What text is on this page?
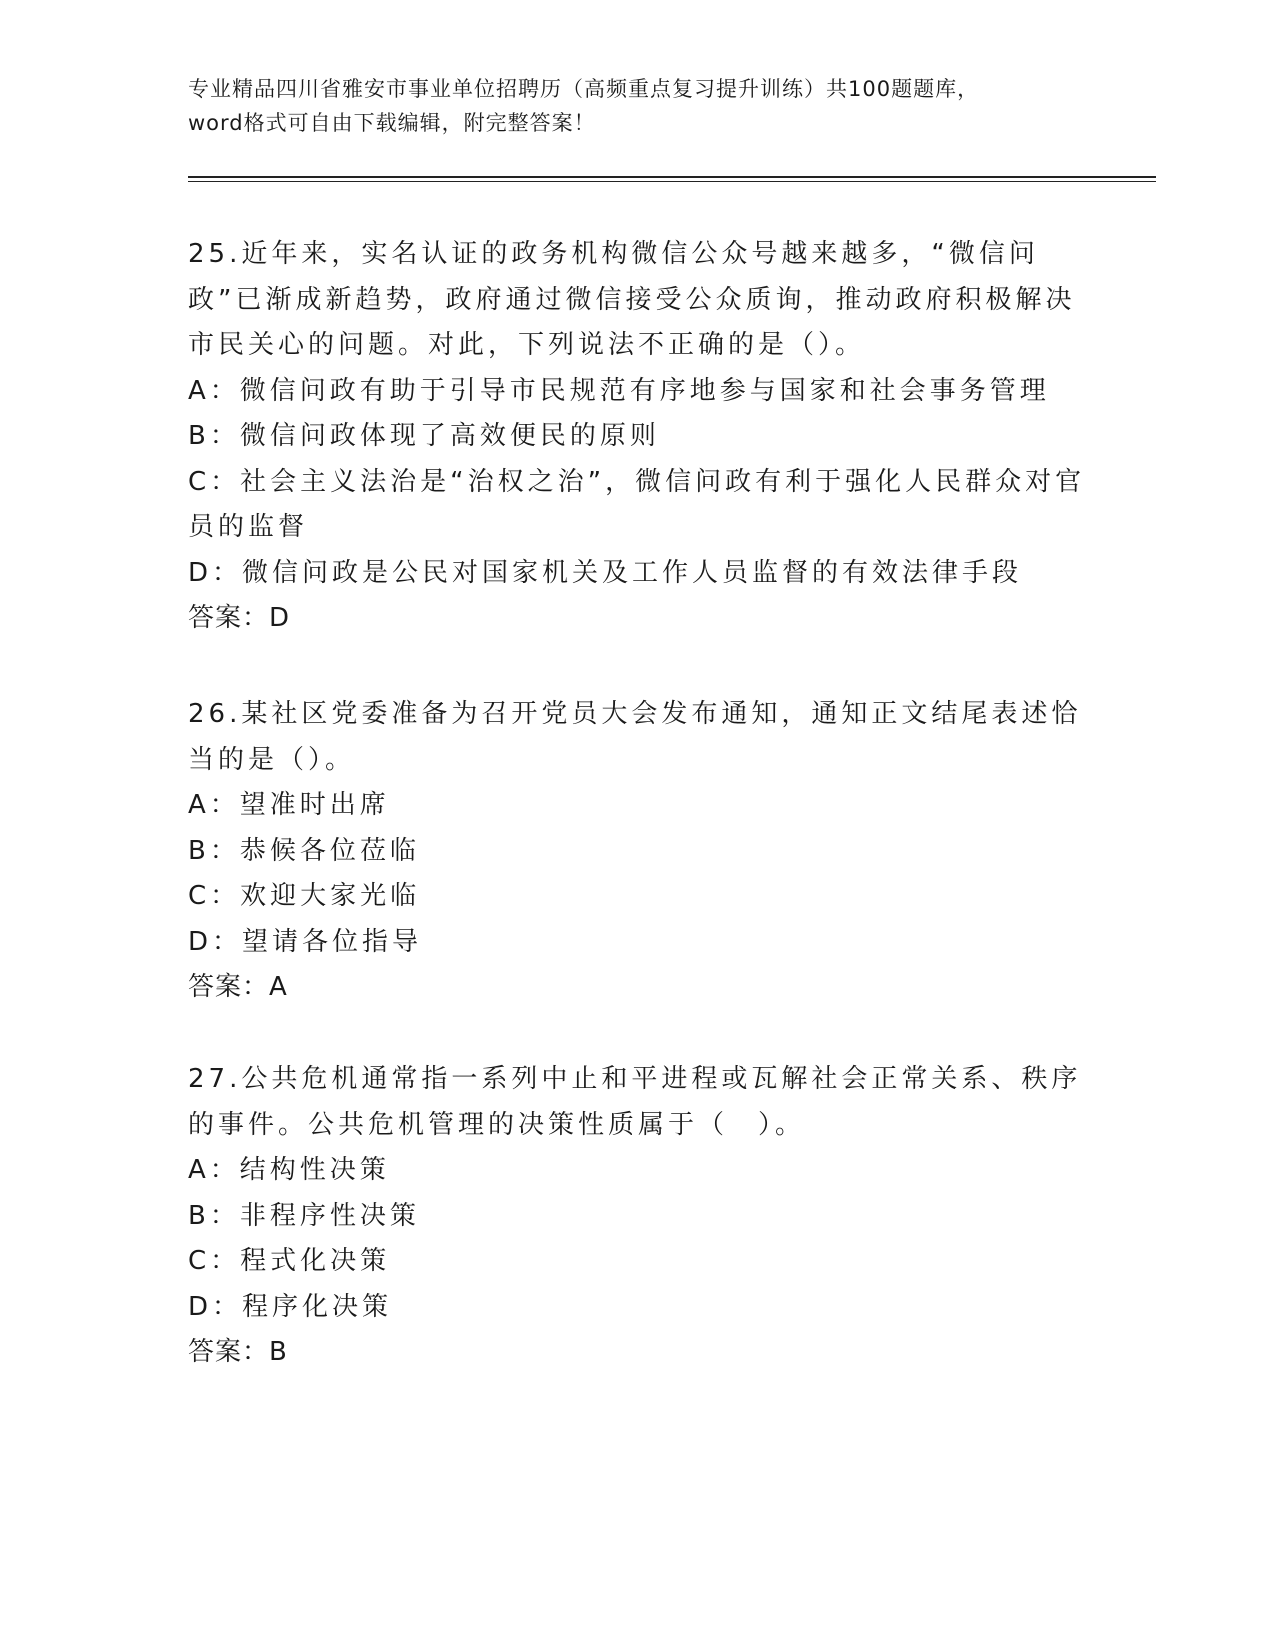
专业精品四川省雅安市事业单位招聘历（高频重点复习提升训练）共100题题库，word格式可自由下载编辑，附完整答案！

25.近年来，实名认证的政务机构微信公众号越来越多，“微信问政”已渐成新趋势，政府通过微信接受公众质询，推动政府积极解决市民关心的问题。对此，下列说法不正确的是（）。

A：微信问政有助于引导市民规范有序地参与国家和社会事务管理

B：微信问政体现了高效便民的原则

C：社会主义法治是“治权之治”，微信问政有利于强化人民群众对官员的监督

D：微信问政是公民对国家机关及工作人员监督的有效法律手段

答案：D

26.某社区党委准备为召开党员大会发布通知，通知正文结尾表述恰当的是（）。

A：望准时出席

B：恭候各位莅临

C：欢迎大家光临

D：望请各位指导

答案：A

27.公共危机通常指一系列中止和平进程或瓦解社会正常关系、秩序的事件。公共危机管理的决策性质属于（　）。

A：结构性决策

B：非程序性决策

C：程式化决策

D：程序化决策

答案：B
